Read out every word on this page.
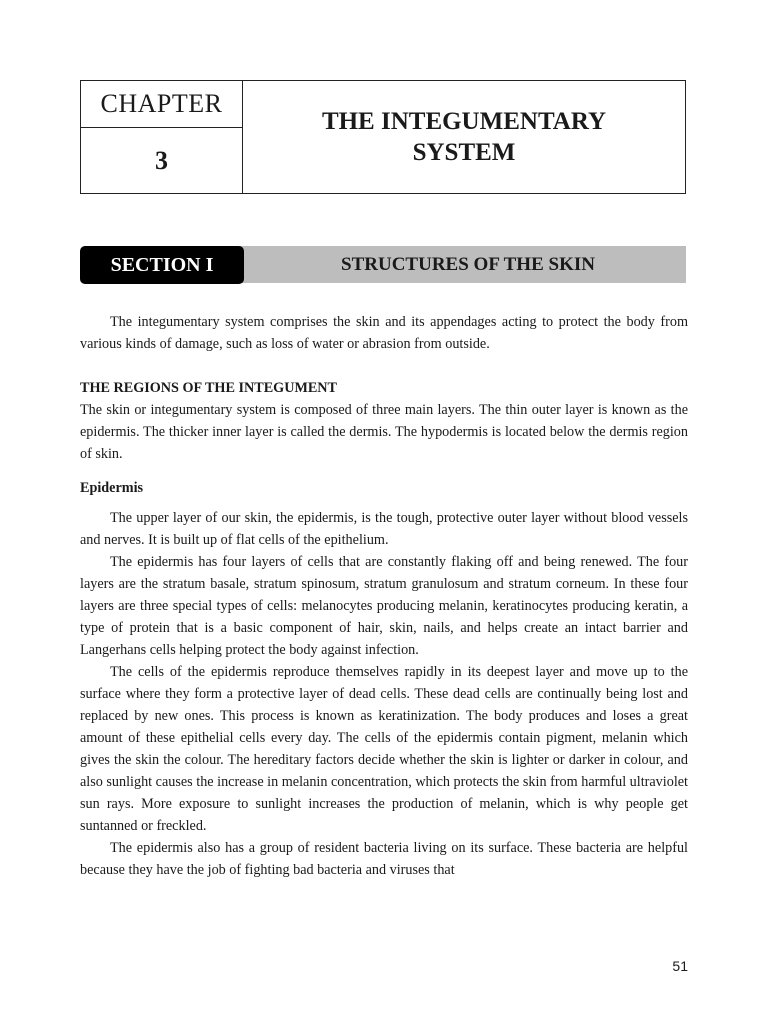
CHAPTER
3
THE INTEGUMENTARY
SYSTEM
STRUCTURES OF THE SKIN
SECTION I

The integumentary system comprises the skin and its appendages acting to protect the body from various kinds of damage, such as loss of water or abrasion from outside.

THE REGIONS OF THE INTEGUMENT

The skin or integumentary system is composed of three main layers. The thin outer layer is known as the epidermis. The thicker inner layer is called the dermis. The hypodermis is located below the dermis region of skin.

Epidermis

The upper layer of our skin, the epidermis, is the tough, protective outer layer without blood vessels and nerves. It is built up of flat cells of the epithelium.

The epidermis has four layers of cells that are constantly flaking off and being renewed. The four layers are the stratum basale, stratum spinosum, stratum granulosum and stratum corneum. In these four layers are three special types of cells: melanocytes producing melanin, keratinocytes producing keratin, a type of protein that is a basic component of hair, skin, nails, and helps create an intact barrier and Langerhans cells helping protect the body against infection.

The cells of the epidermis reproduce themselves rapidly in its deepest layer and move up to the surface where they form a protective layer of dead cells. These dead cells are continually being lost and replaced by new ones. This process is known as keratinization. The body produces and loses a great amount of these epithelial cells every day. The cells of the epidermis contain pigment, melanin which gives the skin the colour. The hereditary factors decide whether the skin is lighter or darker in colour, and also sunlight causes the increase in melanin concentration, which protects the skin from harmful ultraviolet sun rays. More exposure to sunlight increases the production of melanin, which is why people get suntanned or freckled.

The epidermis also has a group of resident bacteria living on its surface. These bacteria are helpful because they have the job of fighting bad bacteria and viruses that

51
